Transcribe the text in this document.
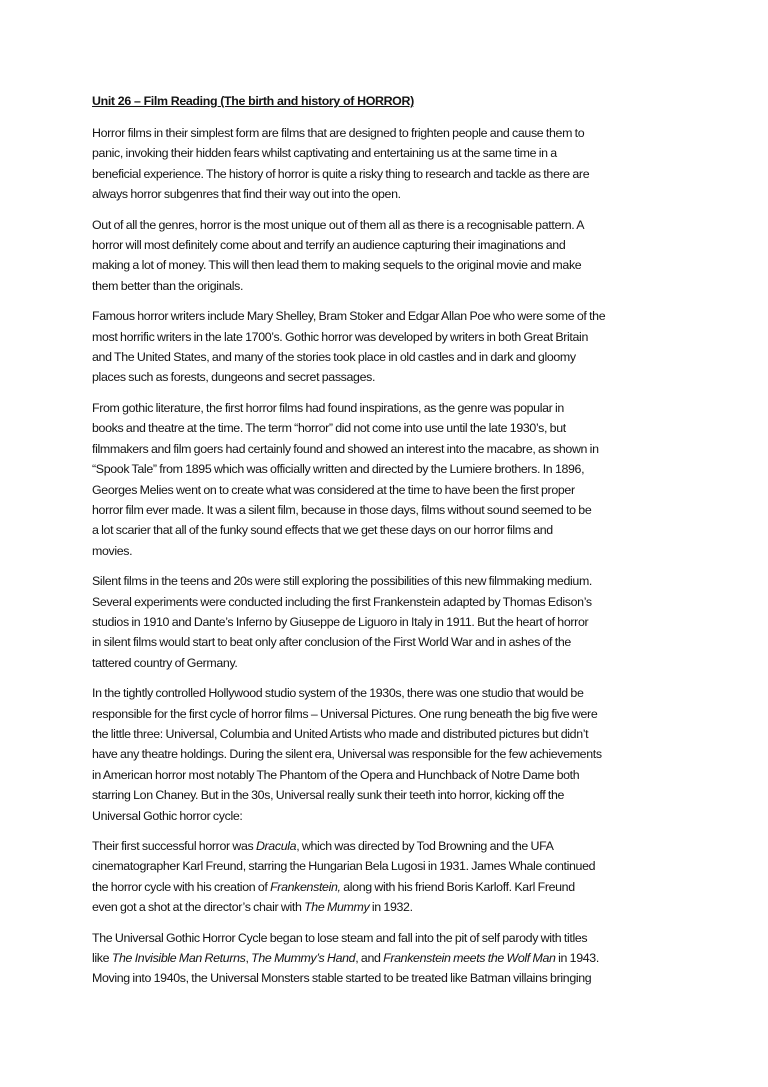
Unit 26 – Film Reading (The birth and history of HORROR)
Horror films in their simplest form are films that are designed to frighten people and cause them to
panic, invoking their hidden fears whilst captivating and entertaining us at the same time in a
beneficial experience. The history of horror is quite a risky thing to research and tackle as there are
always horror subgenres that find their way out into the open.
Out of all the genres, horror is the most unique out of them all as there is a recognisable pattern. A
horror will most definitely come about and terrify an audience capturing their imaginations and
making a lot of money. This will then lead them to making sequels to the original movie and make
them better than the originals.
Famous horror writers include Mary Shelley, Bram Stoker and Edgar Allan Poe who were some of the
most horrific writers in the late 1700’s. Gothic horror was developed by writers in both Great Britain
and The United States, and many of the stories took place in old castles and in dark and gloomy
places such as forests, dungeons and secret passages.
From gothic literature, the first horror films had found inspirations, as the genre was popular in
books and theatre at the time. The term “horror” did not come into use until the late 1930’s, but
filmmakers and film goers had certainly found and showed an interest into the macabre, as shown in
“Spook Tale” from 1895 which was officially written and directed by the Lumiere brothers. In 1896,
Georges Melies went on to create what was considered at the time to have been the first proper
horror film ever made. It was a silent film, because in those days, films without sound seemed to be
a lot scarier that all of the funky sound effects that we get these days on our horror films and
movies.
Silent films in the teens and 20s were still exploring the possibilities of this new filmmaking medium.
Several experiments were conducted including the first Frankenstein adapted by Thomas Edison’s
studios in 1910 and Dante’s Inferno by Giuseppe de Liguoro in Italy in 1911. But the heart of horror
in silent films would start to beat only after conclusion of the First World War and in ashes of the
tattered country of Germany.
In the tightly controlled Hollywood studio system of the 1930s, there was one studio that would be
responsible for the first cycle of horror films – Universal Pictures. One rung beneath the big five were
the little three: Universal, Columbia and United Artists who made and distributed pictures but didn’t
have any theatre holdings. During the silent era, Universal was responsible for the few achievements
in American horror most notably The Phantom of the Opera and Hunchback of Notre Dame both
starring Lon Chaney. But in the 30s, Universal really sunk their teeth into horror, kicking off the
Universal Gothic horror cycle:
Their first successful horror was Dracula, which was directed by Tod Browning and the UFA
cinematographer Karl Freund, starring the Hungarian Bela Lugosi in 1931. James Whale continued
the horror cycle with his creation of Frankenstein, along with his friend Boris Karloff. Karl Freund
even got a shot at the director’s chair with The Mummy in 1932.
The Universal Gothic Horror Cycle began to lose steam and fall into the pit of self parody with titles
like The Invisible Man Returns, The Mummy’s Hand, and Frankenstein meets the Wolf Man in 1943.
Moving into 1940s, the Universal Monsters stable started to be treated like Batman villains bringing
